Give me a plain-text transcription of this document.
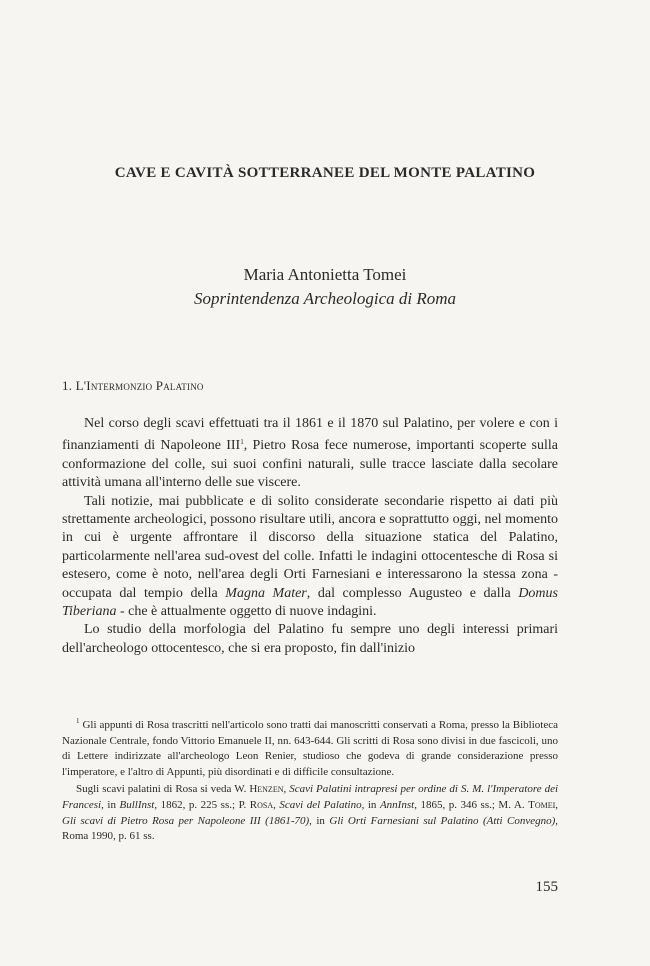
CAVE E CAVITÀ SOTTERRANEE DEL MONTE PALATINO
Maria Antonietta Tomei
Soprintendenza Archeologica di Roma
1. L'Intermonzio Palatino

Nel corso degli scavi effettuati tra il 1861 e il 1870 sul Palatino, per volere e con i finanziamenti di Napoleone III$^1$, Pietro Rosa fece numerose, importanti scoperte sulla conformazione del colle, sui suoi confini naturali, sulle tracce lasciate dalla secolare attività umana all'interno delle sue viscere.

Tali notizie, mai pubblicate e di solito considerate secondarie rispetto ai dati più strettamente archeologici, possono risultare utili, ancora e soprattutto oggi, nel momento in cui è urgente affrontare il discorso della situazione statica del Palatino, particolarmente nell'area sud-ovest del colle. Infatti le indagini ottocentesche di Rosa si estesero, come è noto, nell'area degli Orti Farnesiani e interessarono la stessa zona - occupata dal tempio della Magna Mater, dal complesso Augusteo e dalla Domus Tiberiana - che è attualmente oggetto di nuove indagini.

Lo studio della morfologia del Palatino fu sempre uno degli interessi primari dell'archeologo ottocentesco, che si era proposto, fin dall'inizio

$^1$ Gli appunti di Rosa trascritti nell'articolo sono tratti dai manoscritti conservati a Roma, presso la Biblioteca Nazionale Centrale, fondo Vittorio Emanuele II, nn. 643-644. Gli scritti di Rosa sono divisi in due fascicoli, uno di Lettere indirizzate all'archeologo Leon Renier, studioso che godeva di grande considerazione presso l'imperatore, e l'altro di Appunti, più disordinati e di difficile consultazione.

Sugli scavi palatini di Rosa si veda W. Henzen, Scavi Palatini intrapresi per ordine di S. M. l'Imperatore dei Francesi, in BullInst, 1862, p. 225 ss.; P. Rosa, Scavi del Palatino, in AnnInst, 1865, p. 346 ss.; M. A. Tomei, Gli scavi di Pietro Rosa per Napoleone III (1861-70), in Gli Orti Farnesiani sul Palatino (Atti Convegno), Roma 1990, p. 61 ss.

155
